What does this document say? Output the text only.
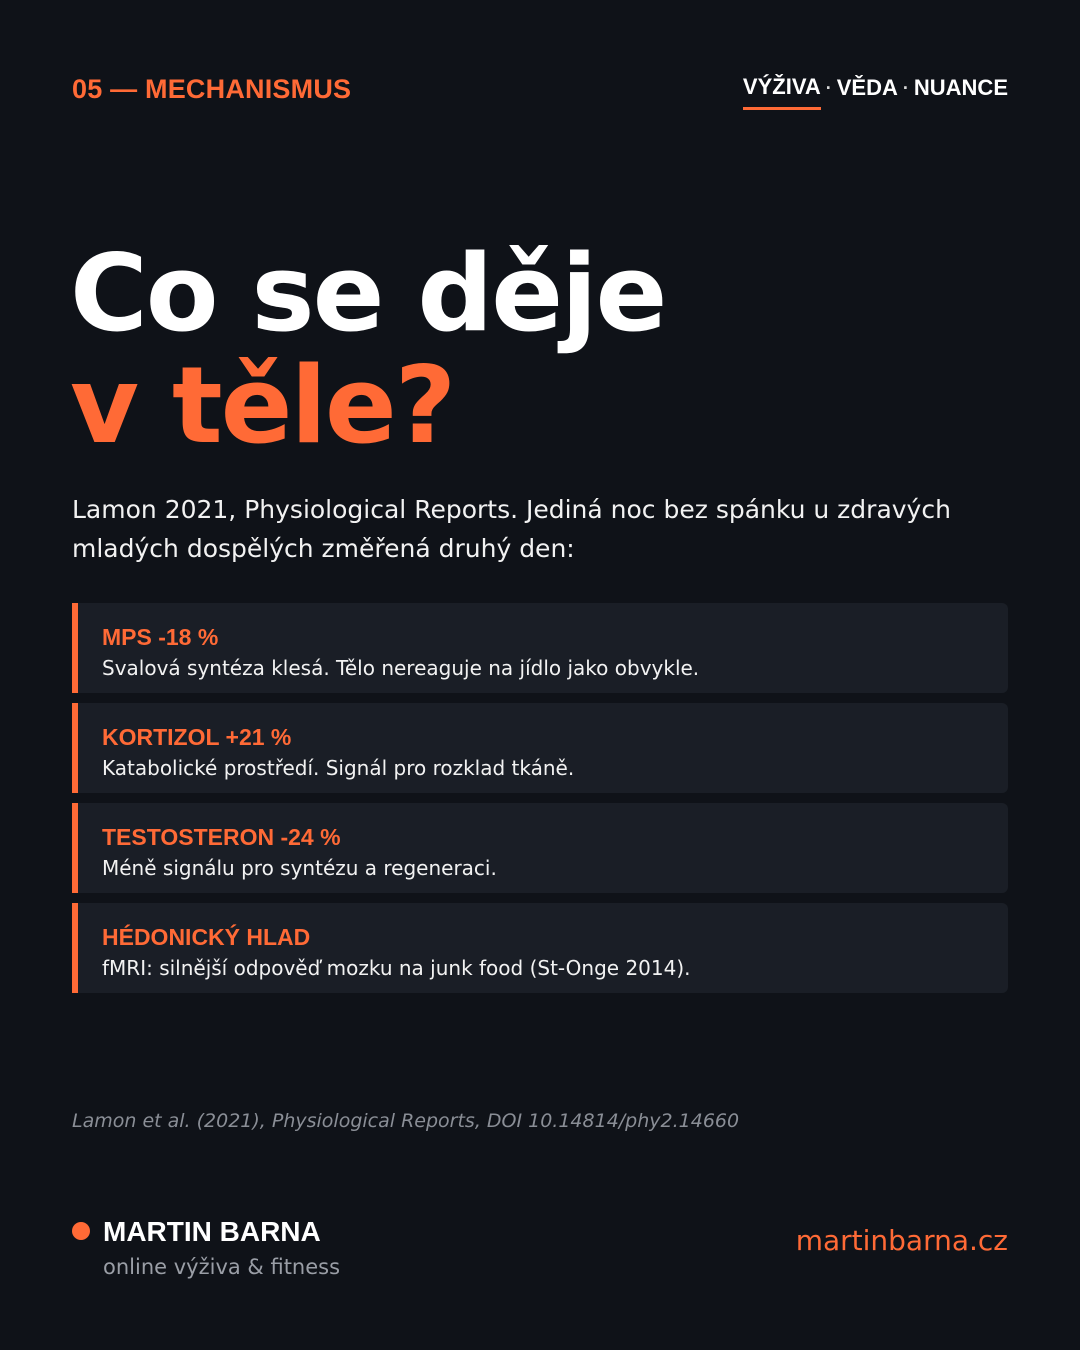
05 — MECHANISMUS	VÝŽIVA · VĚDA · NUANCE
Co se děje
v těle?

Lamon 2021, Physiological Reports. Jediná noc bez spánku u zdravých mladých dospělých změřená druhý den:

MPS -18 %
Svalová syntéza klesá. Tělo nereaguje na jídlo jako obvykle.
KORTIZOL +21 %
Katabolické prostředí. Signál pro rozklad tkáně.
TESTOSTERON -24 %
Méně signálu pro syntézu a regeneraci.
HÉDONICKÝ HLAD
fMRI: silnější odpověď mozku na junk food (St-Onge 2014).

Lamon et al. (2021), Physiological Reports, DOI 10.14814/phy2.14660

MARTIN BARNA
online výživa & fitness
martinbarna.cz
